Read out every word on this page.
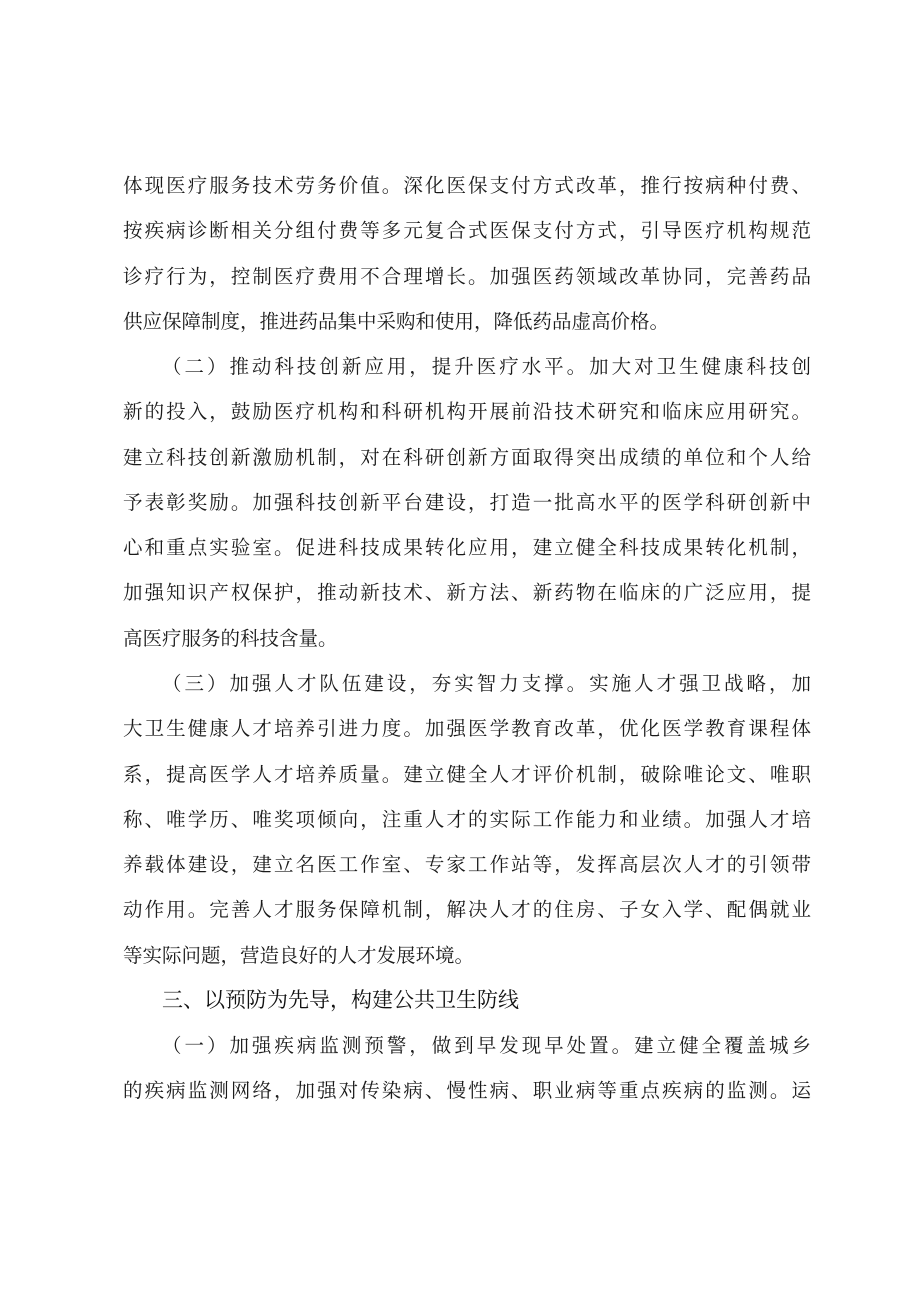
体现医疗服务技术劳务价值。深化医保支付方式改革，推行按病种付费、
按疾病诊断相关分组付费等多元复合式医保支付方式，引导医疗机构规范
诊疗行为，控制医疗费用不合理增长。加强医药领域改革协同，完善药品
供应保障制度，推进药品集中采购和使用，降低药品虚高价格。
（二）推动科技创新应用，提升医疗水平。加大对卫生健康科技创
新的投入，鼓励医疗机构和科研机构开展前沿技术研究和临床应用研究。
建立科技创新激励机制，对在科研创新方面取得突出成绩的单位和个人给
予表彰奖励。加强科技创新平台建设，打造一批高水平的医学科研创新中
心和重点实验室。促进科技成果转化应用，建立健全科技成果转化机制，
加强知识产权保护，推动新技术、新方法、新药物在临床的广泛应用，提
高医疗服务的科技含量。
（三）加强人才队伍建设，夯实智力支撑。实施人才强卫战略，加
大卫生健康人才培养引进力度。加强医学教育改革，优化医学教育课程体
系，提高医学人才培养质量。建立健全人才评价机制，破除唯论文、唯职
称、唯学历、唯奖项倾向，注重人才的实际工作能力和业绩。加强人才培
养载体建设，建立名医工作室、专家工作站等，发挥高层次人才的引领带
动作用。完善人才服务保障机制，解决人才的住房、子女入学、配偶就业
等实际问题，营造良好的人才发展环境。
三、以预防为先导，构建公共卫生防线
（一）加强疾病监测预警，做到早发现早处置。建立健全覆盖城乡
的疾病监测网络，加强对传染病、慢性病、职业病等重点疾病的监测。运
